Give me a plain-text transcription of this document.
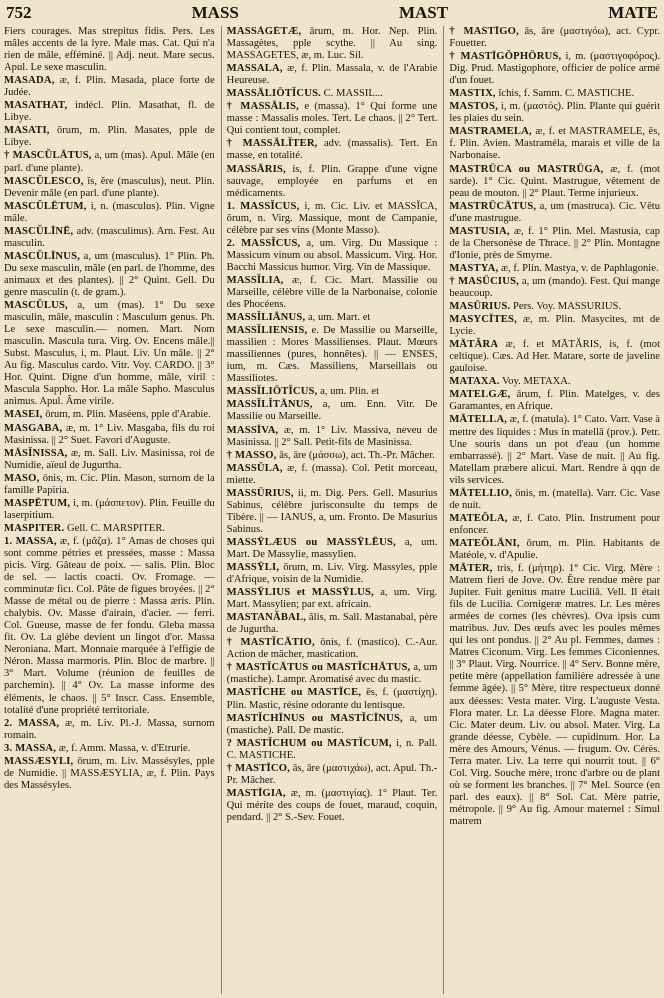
752	MASS	MAST	MATE

Fiers courages. Mas strepitus fidis. Pers. Les mâles accents de la lyre. Male mas. Cat. Qui n'a rien de mâle, efféminé. || Adj. neut. Mare secus. Apul. Le sexe masculin.

MASADA, æ, f. Plin. Masada, place forte de Judée.

MASATHAT, indécl. Plin. Masathat, fl. de Libye.

MASATI, ōrum, m. Plin. Masates, pple de Libye.

† MASCŬLĀTUS, a, um (mas). Apul. Mâle (en parl. d'une plante).

MASCŬLESCO, ĭs, ĕre (masculus), neut. Plin. Devenir mâle (en parl. d'une plante).

MASCŬLĒTUM, i, n. (masculus). Plin. Vigne mâle.

MASCŬLĪNĒ, adv. (masculinus). Arn. Fest. Au masculin.

MASCŬLĪNUS, a, um (masculus). 1° Plin. Ph. Du sexe masculin, mâle (en parl. de l'homme, des animaux et des plantes). || 2° Quint. Gell. Du genre masculin (t. de gram.).

MASCŬLUS, a, um (mas). 1° Du sexe masculin, mâle, masculin : Masculum genus. Ph. Le sexe masculin.— nomen. Mart. Nom masculin. Mascula tura. Virg. Ov. Encens mâle.|| Subst. Masculus, i, m. Plaut. Liv. Un mâle. || 2° Au fig. Masculus cardo. Vitr. Voy. CARDO. || 3° Hor. Quint. Digne d'un homme, mâle, viril : Mascula Sappho. Hor. La mâle Sapho. Masculus animus. Apul. Âme virile.

MASEI, ōrum, m. Plin. Maséens, pple d'Arabie.

MASGABA, æ, m. 1° Liv. Masgaba, fils du roi Masinissa. || 2° Suet. Favori d'Auguste.

MĀSĬNISSA, æ, m. Sall. Liv. Masinissa, roi de Numidie, aïeul de Jugurtha.

MASO, ōnis, m. Cic. Plin. Mason, surnom de la famille Papiria.

MASPĒTUM, i, m. (μάσπετον). Plin. Feuille du laserpitium.

MASPITER. Gell. C. MARSPITER.

1. MASSA, æ, f. (μᾶζα). 1° Amas de choses qui sont comme pétries et pressées, masse : Massa picis. Virg. Gâteau de poix. — salis. Plin. Bloc de sel. — lactis coacti. Ov. Fromage. — comminutæ ficı. Col. Pâte de figues broyées. || 2° Masse de métal ou de pierre : Massa æris. Plin. chalybis. Ov. Masse d'airain, d'acier. — ferri. Col. Gueuse, masse de fer fondu. Gleba massa fit. Ov. La glèbe devient un lingot d'or. Massa Neroniana. Mart. Monnaie marquée à l'effigie de Néron. Massa marmoris. Plin. Bloc de marbre. || 3° Mart. Volume (réunion de feuilles de parchemin). || 4° Ov. La masse informe des éléments, le chaos. || 5° Inscr. Cass. Ensemble, totalité d'une propriété territoriale.

2. MASSA, æ, m. Liv. Pl.-J. Massa, surnom romain.

3. MASSA, æ, f. Amm. Massa, v. d'Etrurie.

MASSÆSYLI, ōrum, m. Liv. Massésyles, pple de Numidie. || MASSÆSYLIA, æ, f. Plin. Pays des Massésyles.

MASSĂGĔTÆ, ārum, m. Hor. Nep. Plin. Massagètes, pple scythe. || Au sing. MASSAGETES, æ, m. Luc. Sil.

MASSALA, æ, f. Plin. Massala, v. de l'Arabie Heureuse.

MASSĀLIŌTĬCUS. C. MASSIL...

† MASSĀLIS, e (massa). 1° Qui forme une masse : Massalis moles. Tert. Le chaos. || 2° Tert. Qui contient tout, complet.

† MASSĀLĬTER, adv. (massalis). Tert. En masse, en totalité.

MASSĀRIS, is, f. Plin. Grappe d'une vigne sauvage, employée en parfums et en médicaments.

1. MASSĬCUS, i, m. Cic. Liv. et MASSĬCA, ōrum, n. Virg. Massique, mont de Campanie, célèbre par ses vins (Monte Masso).

2. MASSĬCUS, a, um. Virg. Du Massique : Massicum vinum ou absol. Massicum. Virg. Hor. Bacchi Massicus humor. Virg. Vin de Massique.

MASSĬLIA, æ, f. Cic. Mart. Massilie ou Marseille, célèbre ville de la Narbonaise, colonie des Phocéens.

MASSĬLIĀNUS, a, um. Mart. et

MASSĬLIENSIS, e. De Massilie ou Marseille, massilien : Mores Massilienses. Plaut. Mœurs massiliennes (pures, honnêtes). || — ENSES, ium, m. Cæs. Massiliens, Marseillais ou Massiliotes.

MASSĬLIŌTĬCUS, a, um. Plin. et

MASSĬLĬTĀNUS, a, um. Enn. Vitr. De Massilie ou Marseille.

MASSĪVA, æ, m. 1° Liv. Massiva, neveu de Masinissa. || 2° Sall. Petit-fils de Masinissa.

† MASSO, ās, āre (μάσσω), act. Th.-Pr. Mâcher.

MASSŪLA, æ, f. (massa). Col. Petit morceau, miette.

MASSŪRIUS, ii, m. Dig. Pers. Gell. Masurius Sabinus, célèbre jurisconsulte du temps de Tibère. || — IANUS, a, um. Fronto. De Masurius Sabinus.

MASSȲLÆUS ou MASSȲLĒUS, a, um. Mart. De Massylie, massylien.

MASSȲLI, ōrum, m. Liv. Virg. Massyles, pple d'Afrique, voisin de la Numidie.

MASSȲLIUS et MASSȲLUS, a, um. Virg. Mart. Massylien; par ext. africain.

MASTANĂBAL, ălis, m. Sall. Mastanabal, père de Jugurtha.

† MASTĬCĀTIO, ōnis, f. (mastico). C.-Aur. Action de mâcher, mastication.

† MASTĬCĀTUS ou MASTĬCHĀTUS, a, um (mastiche). Lampr. Aromatisé avec du mastic.

MASTĬCHE ou MASTĪCE, ēs, f. (μαστίχη). Plin. Mastic, résine odorante du lentisque.

MASTĬCHĪNUS ou MASTĬCĪNUS, a, um (mastiche). Pall. De mastic.

? MASTĬCHUM ou MASTĬCUM, i, n. Pall. C. MASTICHE.

† MASTĪCO, ās, āre (μαστιχάω), act. Apul. Th.-Pr. Mâcher.

MASTĪGIA, æ, m. (μαστιγίας). 1° Plaut. Ter. Qui mérite des coups de fouet, maraud, coquin, pendard. || 2° S.-Sev. Fouet.

† MASTĪGO, ās, āre (μαστιγόω), act. Cypr. Fouetter.

† MASTĪGŎPHŌRUS, i, m. (μαστιγοφόρος). Dig. Prud. Mastigophore, officier de police armé d'un fouet.

MASTIX, ĭchis, f. Samm. C. MASTICHE.

MASTOS, i, m. (μαστός). Plin. Plante qui guérit les plaies du sein.

MASTRAMELA, æ, f. et MASTRAMELE, ēs, f. Plin. Avien. Mastraméla, marais et ville de la Narbonaise.

MASTRŪCA ou MASTRŪGA, æ, f. (mot sarde). 1° Cic. Quint. Mastrugue, vêtement de peau de mouton. || 2° Plaut. Terme injurieux.

MASTRŪCĀTUS, a, um (mastruca). Cic. Vêtu d'une mastrugue.

MASTUSIA, æ, f. 1° Plin. Mel. Mastusia, cap de la Chersonèse de Thrace. || 2° Plin. Montagne d'Ionie, près de Smyrne.

MASTYA, æ, f. Plin. Mastya, v. de Paphlagonie.

† MASŪCIUS, a, um (mando). Fest. Qui mange beaucoup.

MASŪRIUS. Pers. Voy. MASSURIUS.

MASYCĪTES, æ, m. Plin. Masycites, mt de Lycie.

MĀTĂRA æ, f. et MĀTĂRIS, is, f. (mot celtique). Cæs. Ad Her. Matare, sorte de javeline gauloise.

MATAXA. Voy. METAXA.

MATELGÆ, ārum, f. Plin. Matelges, v. des Garamantes, en Afrique.

MĀTELLA, æ, f. (matula). 1° Cato. Varr. Vase à mettre des liquides : Mus in matellā (prov.). Petr. Une souris dans un pot d'eau (un homme embarrassé). || 2° Mart. Vase de nuit. || Au fig. Matellam præbere alicui. Mart. Rendre à qqn de vils services.

MĀTELLIO, ōnis, m. (matella). Varr. Cic. Vase de nuit.

MATEŎLA, æ, f. Cato. Plin. Instrument pour enfoncer.

MATEŎLĀNI, ōrum, m. Plin. Habitants de Matéole, v. d'Apulie.

MĀTER, tris, f. (μήτηρ). 1° Cic. Virg. Mère : Matrem fieri de Jove. Ov. Être rendue mère par Jupiter. Fuit genitus matre Luciliā. Vell. Il était fils de Lucilia. Cornigeræ matres. Lr. Les mères armées de cornes (les chèvres). Ova ipsis cum matribus. Juv. Des œufs avec les poules mêmes qui les ont pondus. || 2° Au pl. Femmes, dames : Matres Ciconum. Virg. Les femmes Ciconiennes. || 3° Plaut. Virg. Nourrice. || 4° Serv. Bonne mère, petite mère (appellation familière adressée à une femme âgée). || 5° Mère, titre respectueux donné aux déesses: Vesta mater. Virg. L'auguste Vesta. Flora mater. Lr. La déesse Flore. Magna mater. Cic. Mater deum. Liv. ou absol. Mater. Virg. La grande déesse, Cybèle. — cupidinum. Hor. La mère des Amours, Vénus. — frugum. Ov. Cérès. Terra mater. Liv. La terre qui nourrit tout. || 6° Col. Virg. Souche mère, tronc d'arbre ou de plant où se forment les branches. || 7° Mel. Source (en parl. des eaux). || 8° Sol. Cat. Mère patrie, métropole. || 9° Au fig. Amour maternel : Simul matrem
